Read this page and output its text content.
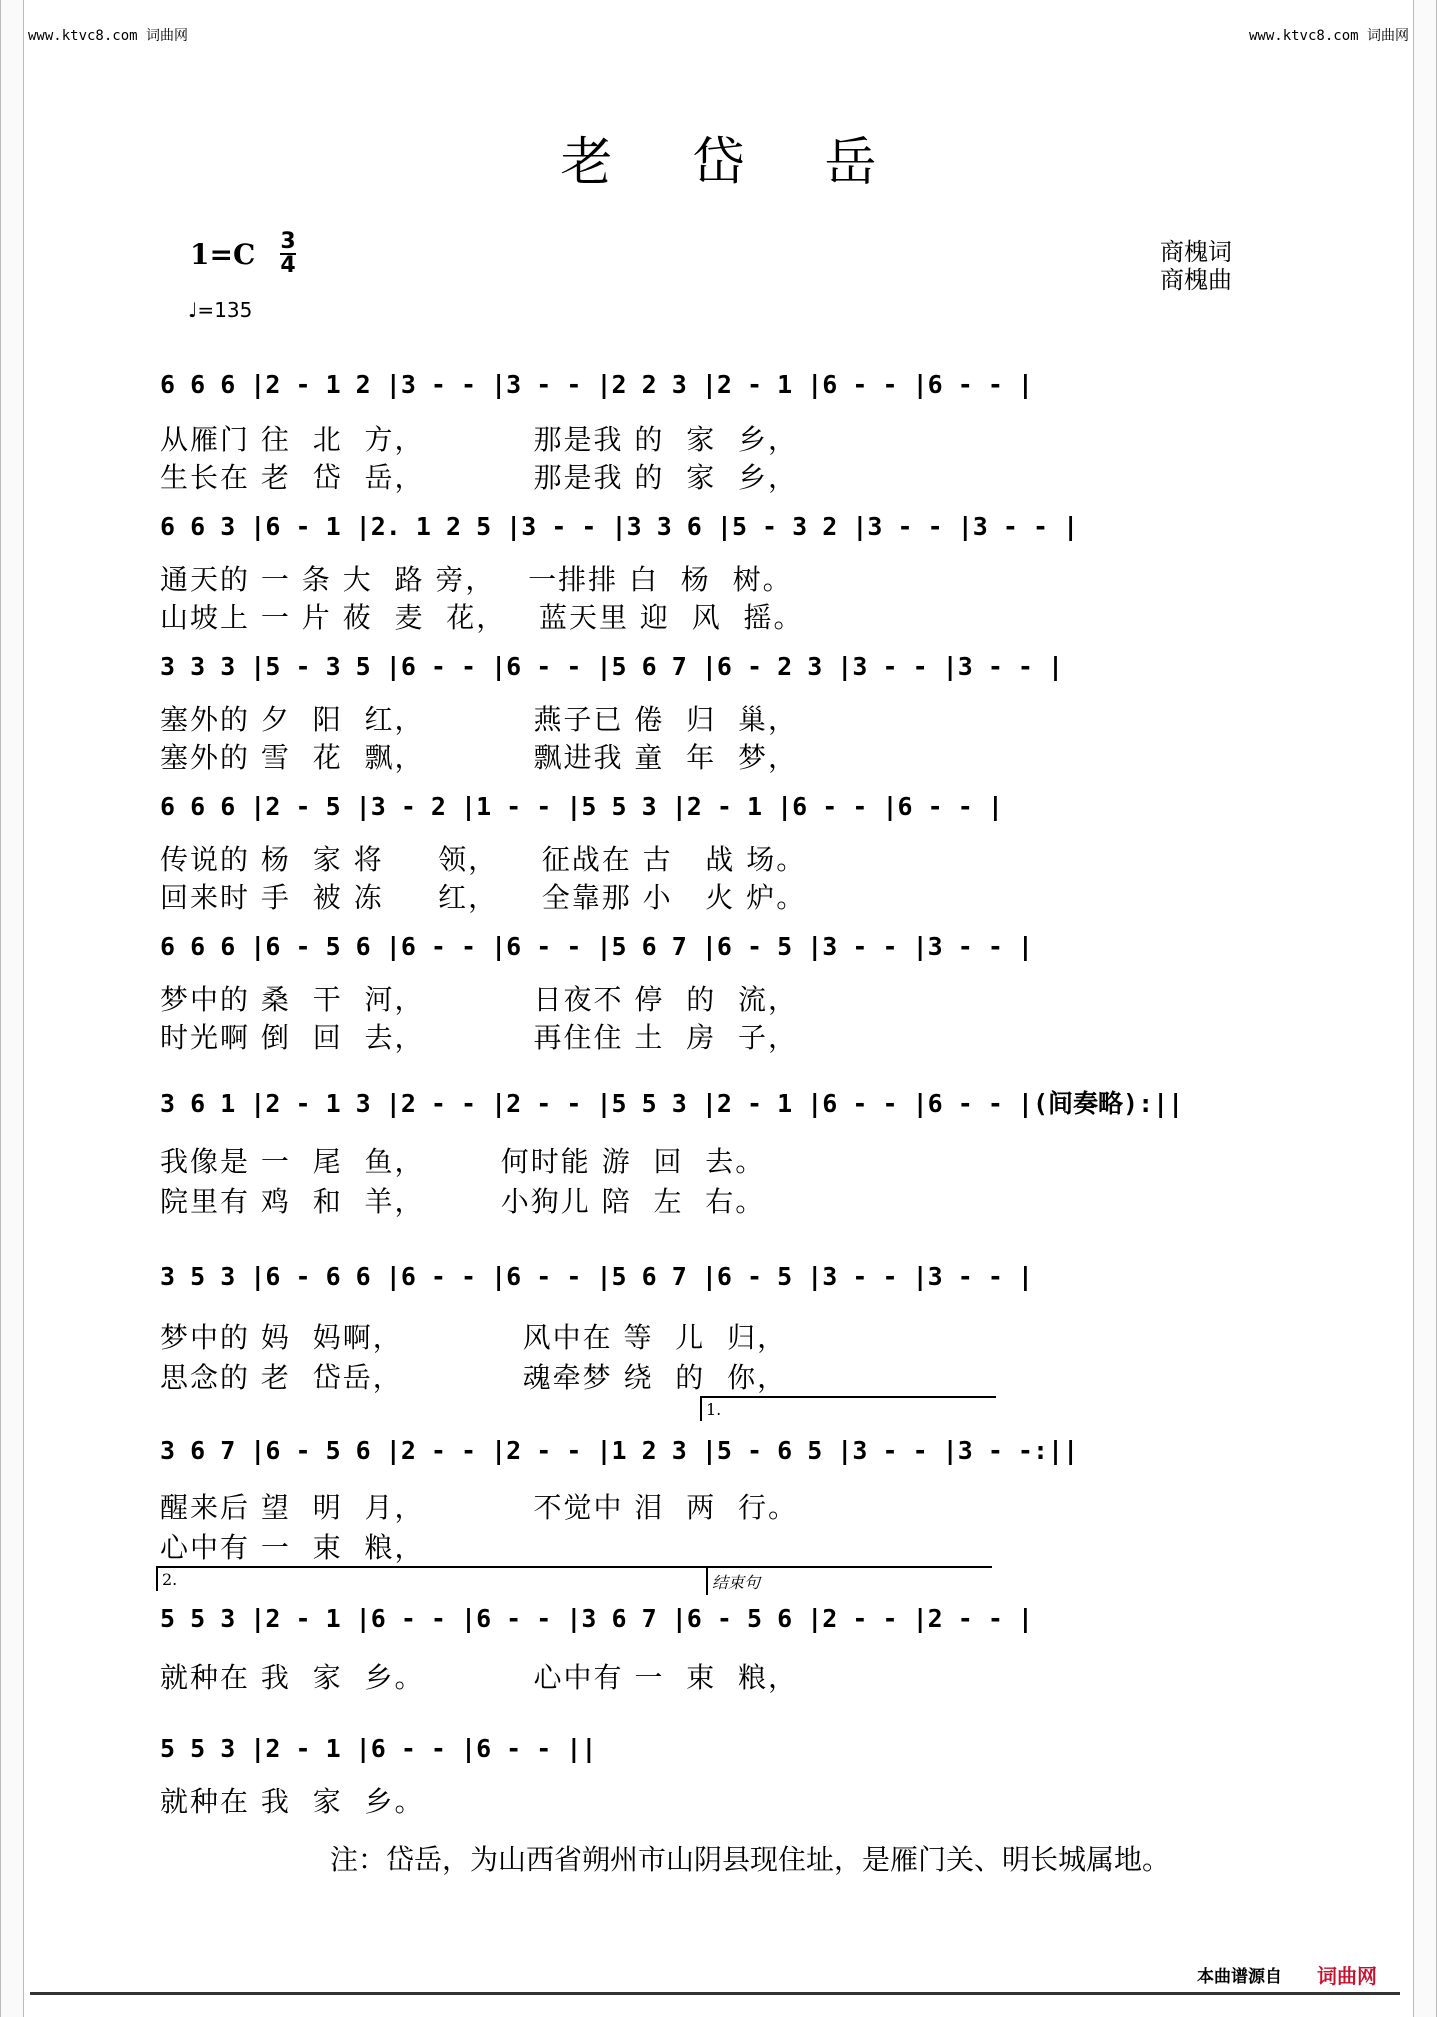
www.ktvc8.com 词曲网	www.ktvc8.com 词曲网
老岱岳
1=C 3
4
♩=135
商槐词
商槐曲
6 6 6 |2 - 1 2 |3 - - |3 - - |2 2 3 |2 - 1 |6 - - |6 - - |
从雁门 往  北  方，          那是我 的  家  乡，
生长在 老  岱  岳，          那是我 的  家  乡，
6 6 3 |6 - 1 |2. 1 2 5 |3 - - |3 3 6 |5 - 3 2 |3 - - |3 - - |
通天的 一 条 大  路 旁，   一排排 白  杨  树。
山坡上 一 片 莜  麦  花，   蓝天里 迎  风  摇。
3 3 3 |5 - 3 5 |6 - - |6 - - |5 6 7 |6 - 2 3 |3 - - |3 - - |
塞外的 夕  阳  红，          燕子已 倦  归  巢，
塞外的 雪  花  飘，          飘进我 童  年  梦，
6 6 6 |2 - 5 |3 - 2 |1 - - |5 5 3 |2 - 1 |6 - - |6 - - |
传说的 杨  家 将     领，    征战在 古   战 场。
回来时 手  被 冻     红，    全靠那 小   火 炉。
6 6 6 |6 - 5 6 |6 - - |6 - - |5 6 7 |6 - 5 |3 - - |3 - - |
梦中的 桑  干  河，          日夜不 停  的  流，
时光啊 倒  回  去，          再住住 土  房  子，
3 6 1 |2 - 1 3 |2 - - |2 - - |5 5 3 |2 - 1 |6 - - |6 - - |(间奏略):||
我像是 一  尾  鱼，       何时能 游  回  去。
院里有 鸡  和  羊，       小狗儿 陪  左  右。
3 5 3 |6 - 6 6 |6 - - |6 - - |5 6 7 |6 - 5 |3 - - |3 - - |
梦中的 妈  妈啊，           风中在 等  儿  归，
思念的 老  岱岳，           魂牵梦 绕  的  你，
1.
3 6 7 |6 - 5 6 |2 - - |2 - - |1 2 3 |5 - 6 5 |3 - - |3 - -:||
醒来后 望  明  月，          不觉中 泪  两  行。
心中有 一  束  粮，
2.	结束句
5 5 3 |2 - 1 |6 - - |6 - - |3 6 7 |6 - 5 6 |2 - - |2 - - |
就种在 我  家  乡。          心中有 一  束  粮，
5 5 3 |2 - 1 |6 - - |6 - - ||
就种在 我  家  乡。
注：岱岳，为山西省朔州市山阴县现住址，是雁门关、明长城属地。
本曲谱源自 词曲网
